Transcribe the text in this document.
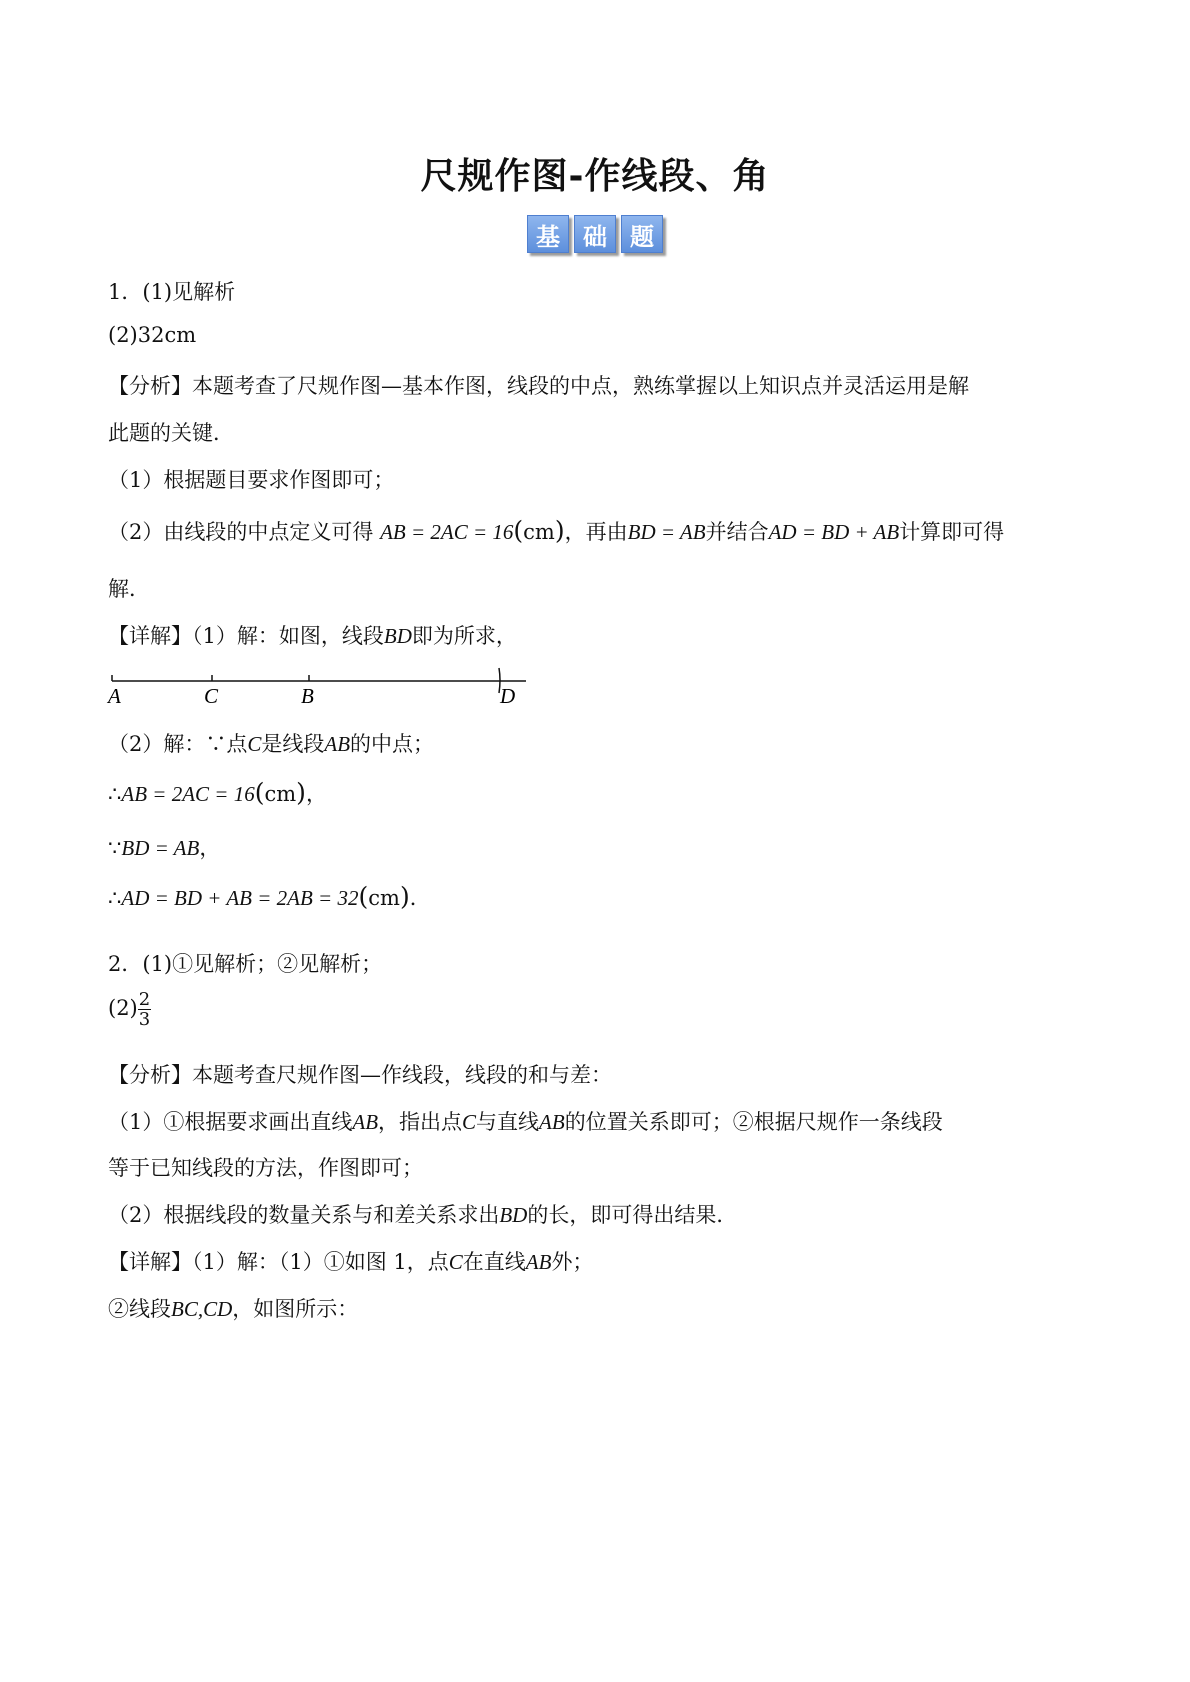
尺规作图-作线段、角
基 础 题
1．(1)见解析
(2)32cm
【分析】本题考查了尺规作图—基本作图，线段的中点，熟练掌握以上知识点并灵活运用是解
此题的关键．
（1）根据题目要求作图即可；
（2）由线段的中点定义可得 AB = 2AC = 16(cm)，再由BD = AB并结合AD = BD + AB计算即可得
解．
【详解】（1）解：如图，线段BD即为所求，
A	C	B	D
（2）解：∵点C是线段AB的中点；
∴AB = 2AC = 16(cm)，
∵BD = AB，
∴AD = BD + AB = 2AB = 32(cm)．
2．(1)①见解析；②见解析；
$(2) \frac{2}{3}$
【分析】本题考查尺规作图—作线段，线段的和与差：
（1）①根据要求画出直线AB，指出点C与直线AB的位置关系即可；②根据尺规作一条线段
等于已知线段的方法，作图即可；
（2）根据线段的数量关系与和差关系求出BD的长，即可得出结果．
【详解】（1）解：（1）①如图 1，点C在直线AB外；
②线段BC,CD，如图所示：
